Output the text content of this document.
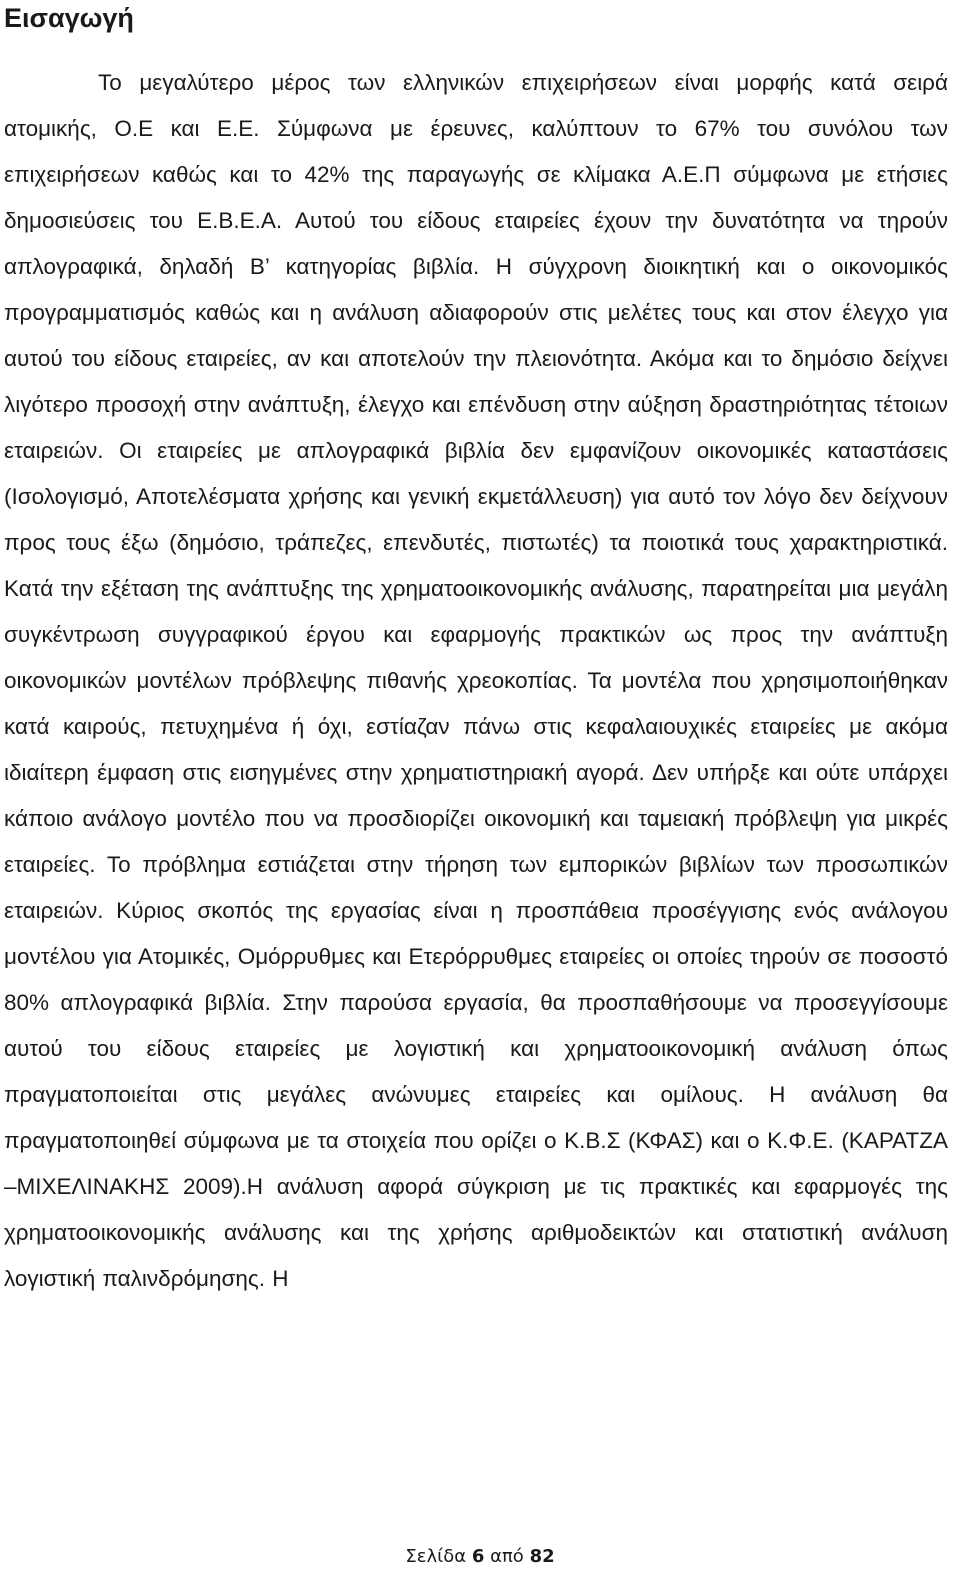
Εισαγωγή

Το μεγαλύτερο μέρος των ελληνικών επιχειρήσεων είναι μορφής κατά σειρά ατομικής, Ο.Ε και Ε.Ε. Σύμφωνα με έρευνες, καλύπτουν το 67% του συνόλου των επιχειρήσεων καθώς και το 42% της παραγωγής σε κλίμακα Α.Ε.Π σύμφωνα με ετήσιες δημοσιεύσεις του Ε.Β.Ε.Α. Αυτού του είδους εταιρείες έχουν την δυνατότητα να τηρούν απλογραφικά, δηλαδή Β’ κατηγορίας βιβλία. Η σύγχρονη διοικητική και ο οικονομικός προγραμματισμός καθώς και η ανάλυση αδιαφορούν στις μελέτες τους και στον έλεγχο για αυτού του είδους εταιρείες, αν και αποτελούν την πλειονότητα. Ακόμα και το δημόσιο δείχνει λιγότερο προσοχή στην ανάπτυξη, έλεγχο και επένδυση στην αύξηση δραστηριότητας τέτοιων εταιρειών. Οι εταιρείες με απλογραφικά βιβλία δεν εμφανίζουν οικονομικές καταστάσεις (Ισολογισμό, Αποτελέσματα χρήσης και γενική εκμετάλλευση) για αυτό τον λόγο δεν δείχνουν προς τους έξω (δημόσιο, τράπεζες, επενδυτές, πιστωτές) τα ποιοτικά τους χαρακτηριστικά. Κατά την εξέταση της ανάπτυξης της χρηματοοικονομικής ανάλυσης, παρατηρείται μια μεγάλη συγκέντρωση συγγραφικού έργου και εφαρμογής πρακτικών ως προς την ανάπτυξη οικονομικών μοντέλων πρόβλεψης πιθανής χρεοκοπίας. Τα μοντέλα που χρησιμοποιήθηκαν κατά καιρούς, πετυχημένα ή όχι, εστίαζαν πάνω στις κεφαλαιουχικές εταιρείες με ακόμα ιδιαίτερη έμφαση στις εισηγμένες στην χρηματιστηριακή αγορά. Δεν υπήρξε και ούτε υπάρχει κάποιο ανάλογο μοντέλο που να προσδιορίζει οικονομική και ταμειακή πρόβλεψη για μικρές εταιρείες. Το πρόβλημα εστιάζεται στην τήρηση των εμπορικών βιβλίων των προσωπικών εταιρειών. Κύριος σκοπός της εργασίας είναι η προσπάθεια προσέγγισης ενός ανάλογου μοντέλου για Ατομικές, Ομόρρυθμες και Ετερόρρυθμες εταιρείες οι οποίες τηρούν σε ποσοστό 80% απλογραφικά βιβλία. Στην παρούσα εργασία, θα προσπαθήσουμε να προσεγγίσουμε αυτού του είδους εταιρείες με λογιστική και χρηματοοικονομική ανάλυση όπως πραγματοποιείται στις μεγάλες ανώνυμες εταιρείες και ομίλους. Η ανάλυση θα πραγματοποιηθεί σύμφωνα με τα στοιχεία που ορίζει ο Κ.Β.Σ (ΚΦΑΣ) και ο Κ.Φ.Ε. (ΚΑΡΑΤΖΑ –ΜΙΧΕΛΙΝΑΚΗΣ 2009).Η ανάλυση αφορά σύγκριση με τις πρακτικές και εφαρμογές της χρηματοοικονομικής ανάλυσης και της χρήσης αριθμοδεικτών και στατιστική ανάλυση λογιστική παλινδρόμησης. Η

Σελίδα 6 από 82
